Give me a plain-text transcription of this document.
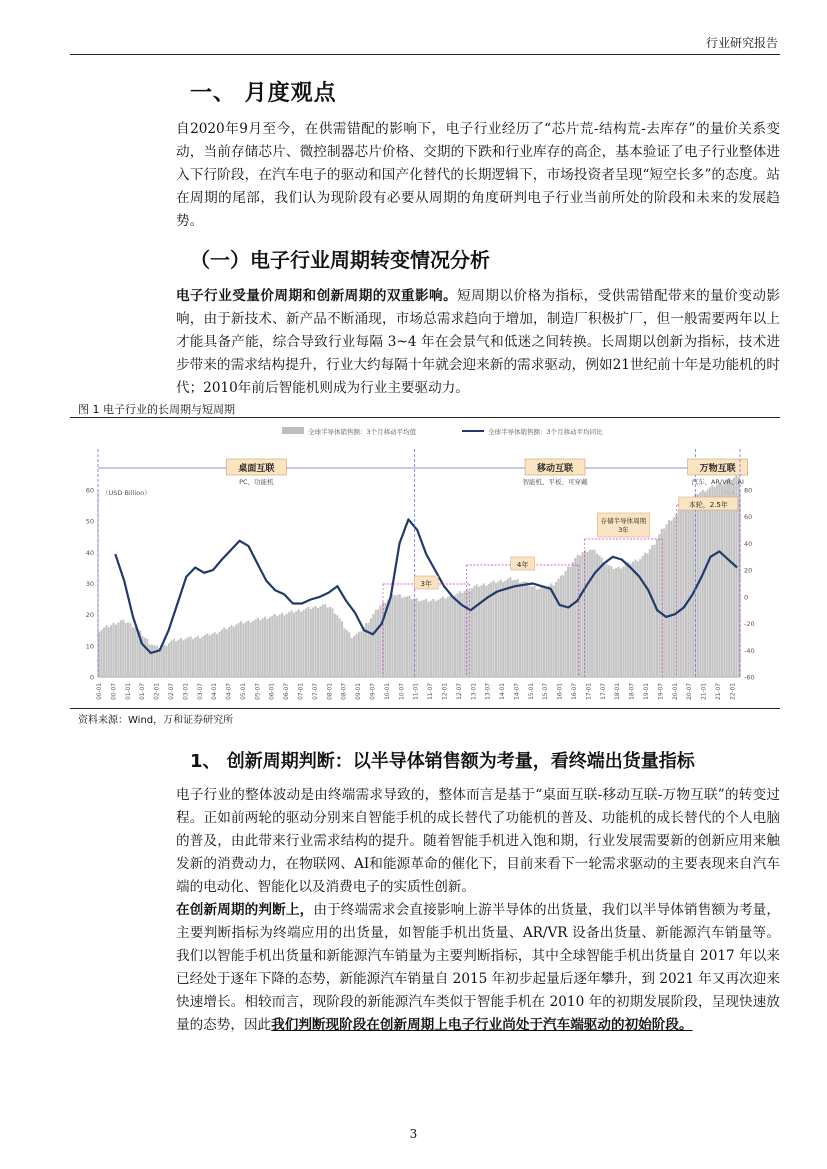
行业研究报告
一、 月度观点
自2020年9月至今，在供需错配的影响下，电子行业经历了“芯片荒-结构荒-去库存”的量价关系变动，当前存储芯片、微控制器芯片价格、交期的下跌和行业库存的高企，基本验证了电子行业整体进入下行阶段，在汽车电子的驱动和国产化替代的长期逻辑下，市场投资者呈现“短空长多”的态度。站在周期的尾部，我们认为现阶段有必要从周期的角度研判电子行业当前所处的阶段和未来的发展趋势。
（一）电子行业周期转变情况分析
电子行业受量价周期和创新周期的双重影响。短周期以价格为指标，受供需错配带来的量价变动影响，由于新技术、新产品不断涌现，市场总需求趋向于增加，制造厂积极扩厂，但一般需要两年以上才能具备产能，综合导致行业每隔 3~4 年在会景气和低迷之间转换。长周期以创新为指标，技术进步带来的需求结构提升，行业大约每隔十年就会迎来新的需求驱动，例如21世纪前十年是功能机的时代；2010年前后智能机则成为行业主要驱动力。
图 1 电子行业的长周期与短周期
全球半导体销售额：3个月移动平均值	全球半导体销售额：3个月移动平均同比
60
50
40
30
20
10
0
80
60
40
20
0
-20
-40
-60
（USD Billion）
00-01 00-07 01-01 01-07 02-01 02-07 03-01 03-07 04-01 04-07 05-01 05-07 06-01 06-07 07-01 07-07 08-01 08-07 09-01 09-07 10-01 10-07 11-01 11-07 12-01 12-07 13-01 13-07 14-01 14-07 15-01 15-07 16-01 16-07 17-01 17-07 18-01 18-07 19-01 19-07 20-01 20-07 21-01 21-07 22-01
桌面互联
PC、功能机
移动互联
智能机、平板、可穿戴
万物互联
汽车、AR/VR、AI
3年
4年
存储半导体周期
3年
本轮，2.5年
资料来源：Wind，万和证券研究所
1、 创新周期判断：以半导体销售额为考量，看终端出货量指标
电子行业的整体波动是由终端需求导致的，整体而言是基于“桌面互联-移动互联-万物互联”的转变过程。正如前两轮的驱动分别来自智能手机的成长替代了功能机的普及、功能机的成长替代的个人电脑的普及，由此带来行业需求结构的提升。随着智能手机进入饱和期，行业发展需要新的创新应用来触发新的消费动力，在物联网、AI和能源革命的催化下，目前来看下一轮需求驱动的主要表现来自汽车端的电动化、智能化以及消费电子的实质性创新。
在创新周期的判断上，由于终端需求会直接影响上游半导体的出货量，我们以半导体销售额为考量，主要判断指标为终端应用的出货量，如智能手机出货量、AR/VR 设备出货量、新能源汽车销量等。我们以智能手机出货量和新能源汽车销量为主要判断指标，其中全球智能手机出货量自 2017 年以来已经处于逐年下降的态势，新能源汽车销量自 2015 年初步起量后逐年攀升，到 2021 年又再次迎来快速增长。相较而言，现阶段的新能源汽车类似于智能手机在 2010 年的初期发展阶段，呈现快速放量的态势，因此我们判断现阶段在创新周期上电子行业尚处于汽车端驱动的初始阶段。
3
